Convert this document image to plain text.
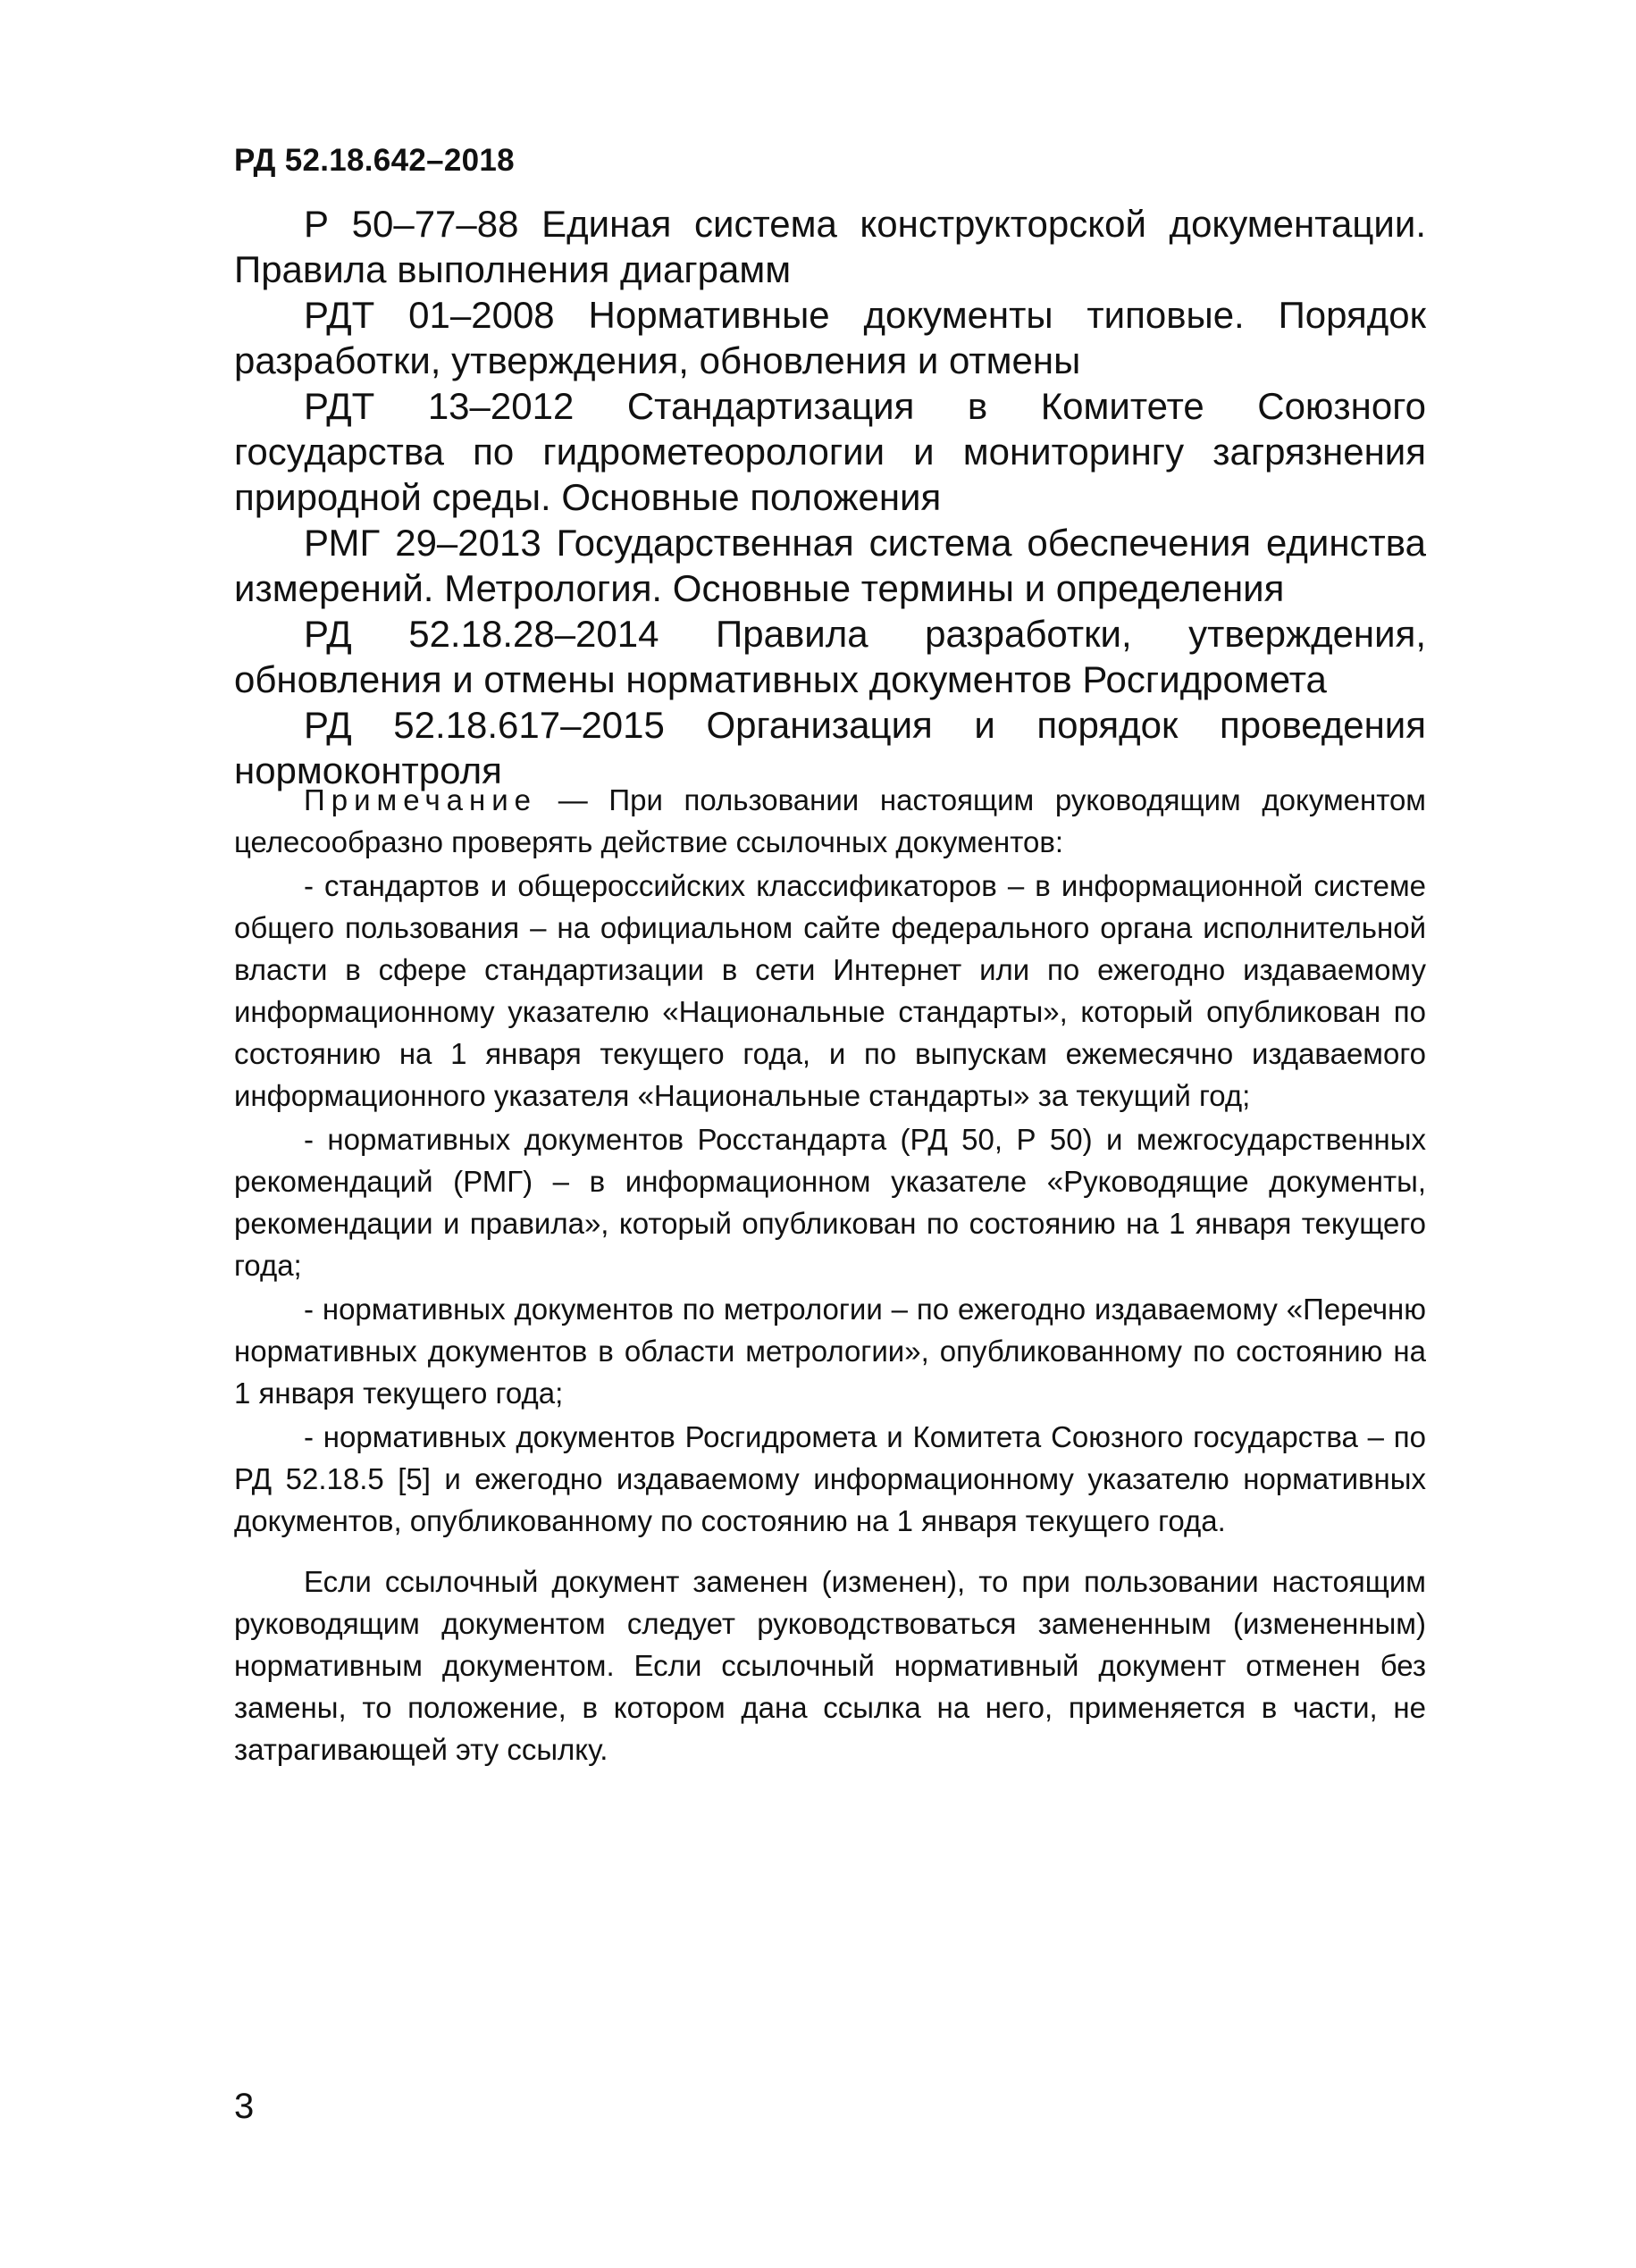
РД 52.18.642–2018
Р 50–77–88 Единая система конструкторской документации. Правила выполнения диаграмм
РДТ 01–2008 Нормативные документы типовые. Порядок разработки, утверждения, обновления и отмены
РДТ 13–2012 Стандартизация в Комитете Союзного государства по гидрометеорологии и мониторингу загрязнения природной среды. Основные положения
РМГ 29–2013 Государственная система обеспечения единства измерений. Метрология. Основные термины и определения
РД 52.18.28–2014 Правила разработки, утверждения, обновления и отмены нормативных документов Росгидромета
РД 52.18.617–2015 Организация и порядок проведения нормоконтроля

Примечание — При пользовании настоящим руководящим документом целесообразно проверять действие ссылочных документов:

- стандартов и общероссийских классификаторов – в информационной системе общего пользования – на официальном сайте федерального органа исполнительной власти в сфере стандартизации в сети Интернет или по ежегодно издаваемому информационному указателю «Национальные стандарты», который опубликован по состоянию на 1 января текущего года, и по выпускам ежемесячно издаваемого информационного указателя «Национальные стандарты» за текущий год;

- нормативных документов Росстандарта (РД 50, Р 50) и межгосударственных рекомендаций (РМГ) – в информационном указателе «Руководящие документы, рекомендации и правила», который опубликован по состоянию на 1 января текущего года;

- нормативных документов по метрологии – по ежегодно издаваемому «Перечню нормативных документов в области метрологии», опубликованному по состоянию на 1 января текущего года;

- нормативных документов Росгидромета и Комитета Союзного государства – по РД 52.18.5 [5] и ежегодно издаваемому информационному указателю нормативных документов, опубликованному по состоянию на 1 января текущего года.

Если ссылочный документ заменен (изменен), то при пользовании настоящим руководящим документом следует руководствоваться замененным (измененным) нормативным документом. Если ссылочный нормативный документ отменен без замены, то положение, в котором дана ссылка на него, применяется в части, не затрагивающей эту ссылку.

3
